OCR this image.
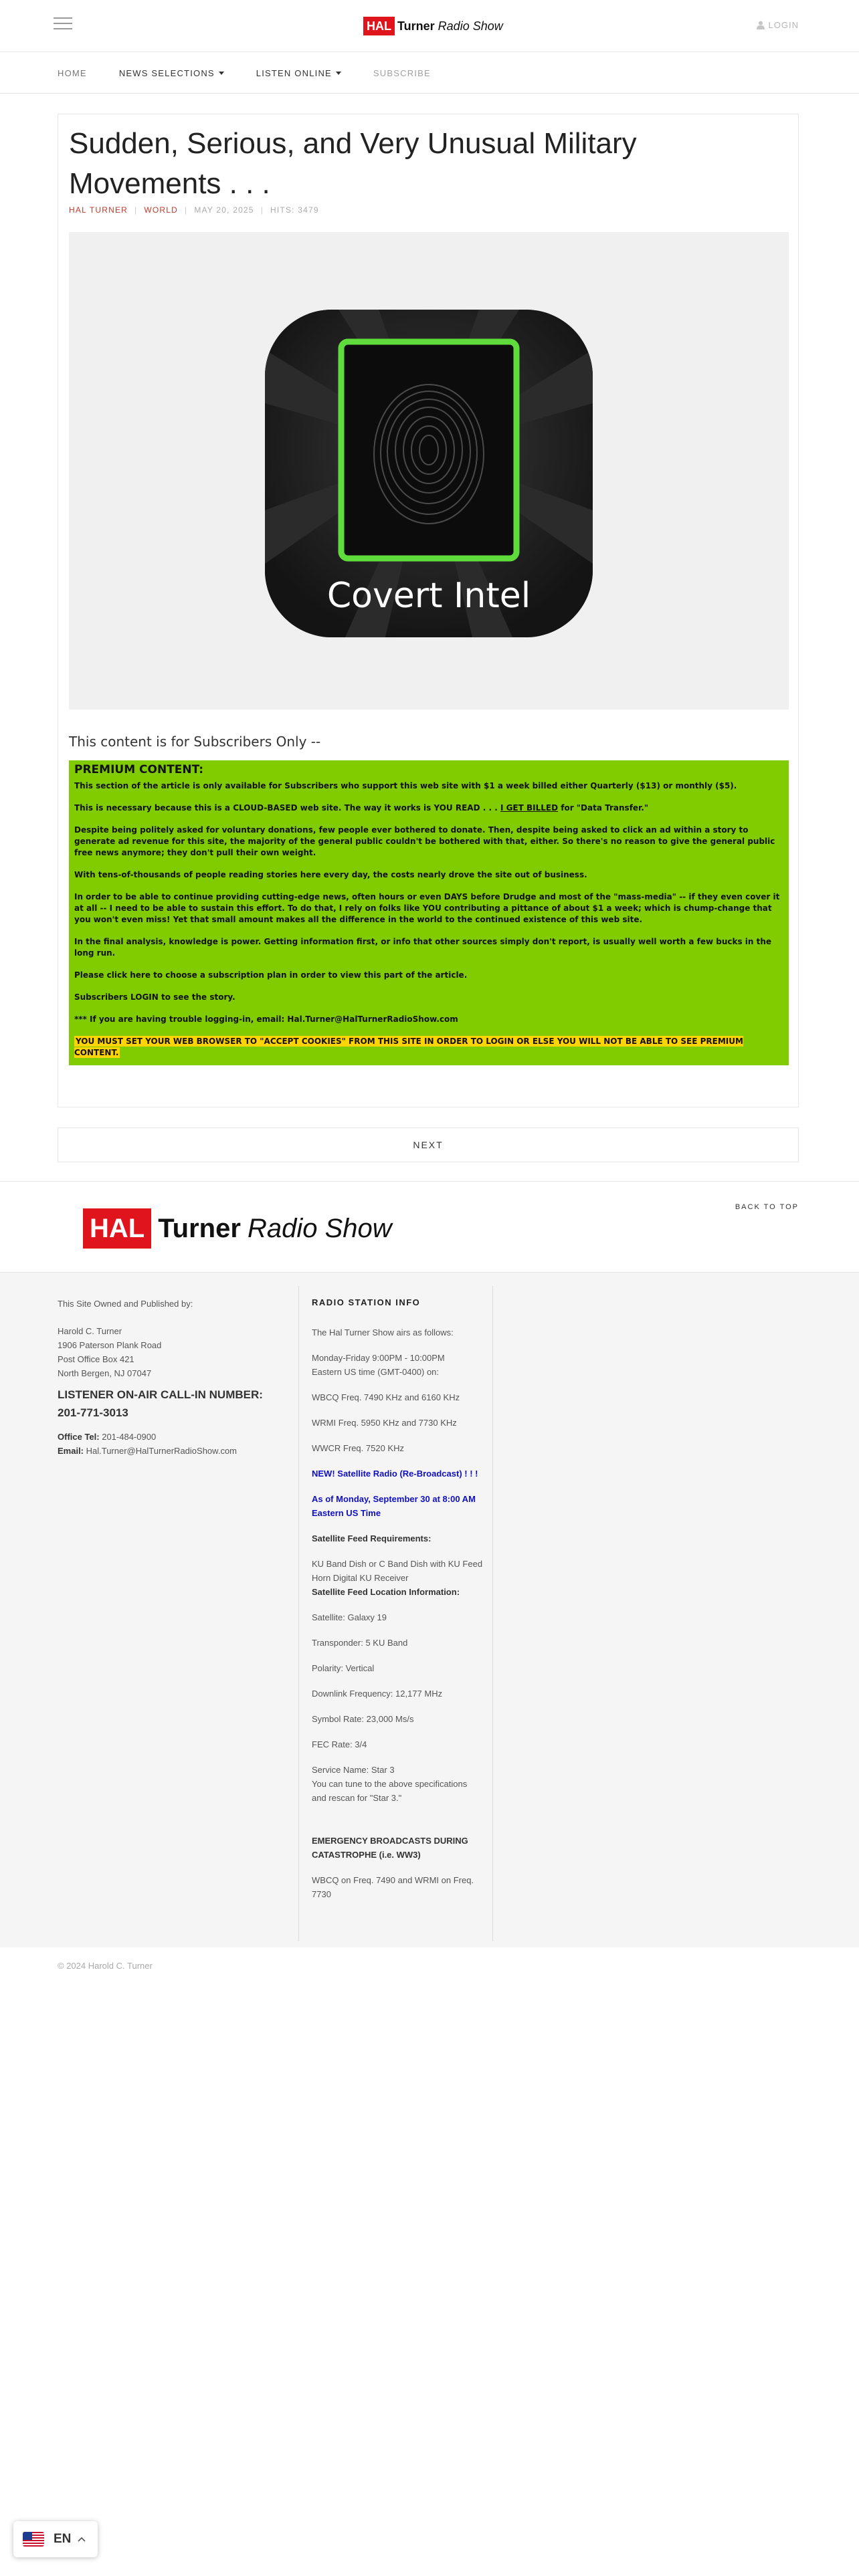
HAL Turner Radio Show	LOGIN
HOME	NEWS SELECTIONS	LISTEN ONLINE	SUBSCRIBE
Sudden, Serious, and Very Unusual Military Movements . . .
HAL TURNER | WORLD | MAY 20, 2025 | HITS: 3479
Covert Intel
This content is for Subscribers Only --
PREMIUM CONTENT:

This section of the article is only available for Subscribers who support this web site with $1 a week billed either Quarterly ($13) or monthly ($5).

This is necessary because this is a CLOUD-BASED web site. The way it works is YOU READ . . . I GET BILLED for "Data Transfer."

Despite being politely asked for voluntary donations, few people ever bothered to donate. Then, despite being asked to click an ad within a story to generate ad revenue for this site, the majority of the general public couldn't be bothered with that, either. So there's no reason to give the general public free news anymore; they don't pull their own weight.

With tens-of-thousands of people reading stories here every day, the costs nearly drove the site out of business.

In order to be able to continue providing cutting-edge news, often hours or even DAYS before Drudge and most of the "mass-media" -- if they even cover it at all -- I need to be able to sustain this effort. To do that, I rely on folks like YOU contributing a pittance of about $1 a week; which is chump-change that you won't even miss! Yet that small amount makes all the difference in the world to the continued existence of this web site.

In the final analysis, knowledge is power. Getting information first, or info that other sources simply don't report, is usually well worth a few bucks in the long run.

Please click here to choose a subscription plan in order to view this part of the article.

Subscribers LOGIN to see the story.

*** If you are having trouble logging-in, email: Hal.Turner@HalTurnerRadioShow.com

YOU MUST SET YOUR WEB BROWSER TO "ACCEPT COOKIES" FROM THIS SITE IN ORDER TO LOGIN OR ELSE YOU WILL NOT BE ABLE TO SEE PREMIUM CONTENT.

NEXT
HAL Turner Radio Show
BACK TO TOP
This Site Owned and Published by:
Harold C. Turner
1906 Paterson Plank Road
Post Office Box 421
North Bergen, NJ 07047
LISTENER ON-AIR CALL-IN NUMBER:
201-771-3013
Office Tel: 201-484-0900
Email: Hal.Turner@HalTurnerRadioShow.com
RADIO STATION INFO

The Hal Turner Show airs as follows:

Monday-Friday 9:00PM - 10:00PM
Eastern US time (GMT-0400) on:

WBCQ Freq. 7490 KHz and 6160 KHz

WRMI Freq. 5950 KHz and 7730 KHz

WWCR Freq. 7520 KHz

NEW! Satellite Radio (Re-Broadcast) ! ! !

As of Monday, September 30 at 8:00 AM Eastern US Time

Satellite Feed Requirements:

KU Band Dish or C Band Dish with KU Feed Horn Digital KU Receiver

Satellite Feed Location Information:

Satellite: Galaxy 19

Transponder: 5 KU Band

Polarity: Vertical

Downlink Frequency: 12,177 MHz

Symbol Rate: 23,000 Ms/s

FEC Rate: 3/4

Service Name: Star 3
You can tune to the above specifications and rescan for "Star 3."

EMERGENCY BROADCASTS DURING CATASTROPHE (i.e. WW3)

WBCQ on Freq. 7490 and WRMI on Freq. 7730

© 2024 Harold C. Turner
EN
